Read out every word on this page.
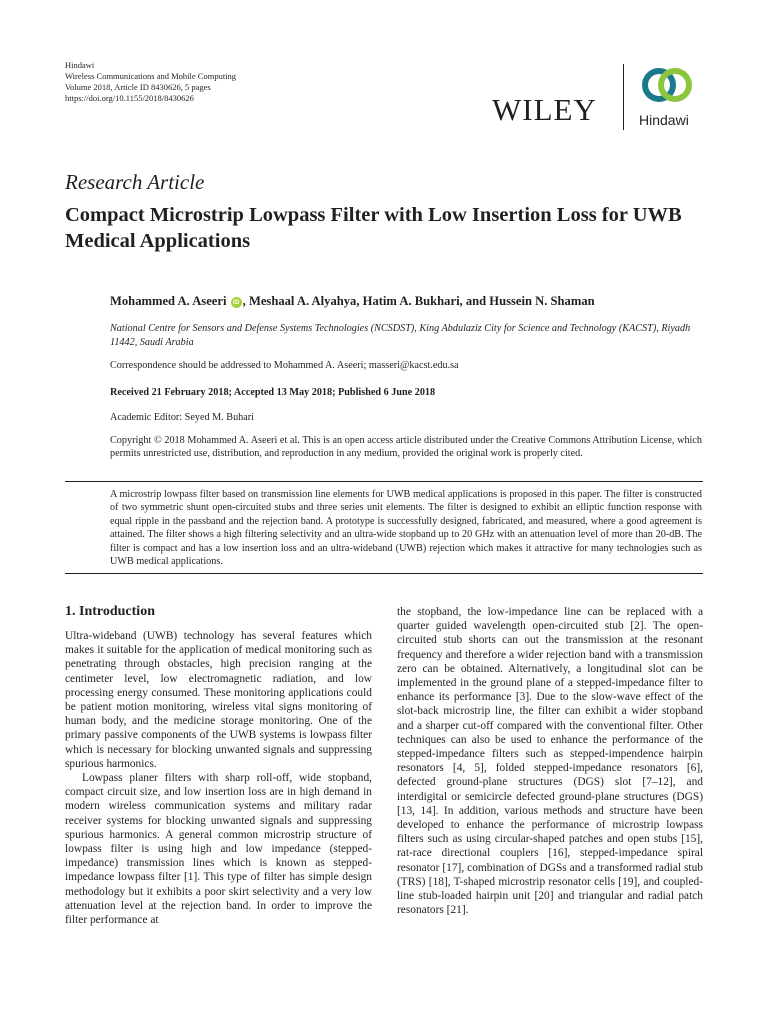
Hindawi
Wireless Communications and Mobile Computing
Volume 2018, Article ID 8430626, 5 pages
https://doi.org/10.1155/2018/8430626	WILEY	Hindawi
Research Article
Compact Microstrip Lowpass Filter with Low Insertion Loss for UWB Medical Applications
Mohammed A. Aseeri iD , Meshaal A. Alyahya, Hatim A. Bukhari, and Hussein N. Shaman
National Centre for Sensors and Defense Systems Technologies (NCSDST), King Abdulaziz City for Science and Technology (KACST), Riyadh 11442, Saudi Arabia
Correspondence should be addressed to Mohammed A. Aseeri; masseri@kacst.edu.sa
Received 21 February 2018; Accepted 13 May 2018; Published 6 June 2018
Academic Editor: Seyed M. Buhari
Copyright © 2018 Mohammed A. Aseeri et al. This is an open access article distributed under the Creative Commons Attribution License, which permits unrestricted use, distribution, and reproduction in any medium, provided the original work is properly cited.
A microstrip lowpass filter based on transmission line elements for UWB medical applications is proposed in this paper. The filter is constructed of two symmetric shunt open-circuited stubs and three series unit elements. The filter is designed to exhibit an elliptic function response with equal ripple in the passband and the rejection band. A prototype is successfully designed, fabricated, and measured, where a good agreement is attained. The filter shows a high filtering selectivity and an ultra-wide stopband up to 20 GHz with an attenuation level of more than 20-dB. The filter is compact and has a low insertion loss and an ultra-wideband (UWB) rejection which makes it attractive for many technologies such as UWB medical applications.
1. Introduction

Ultra-wideband (UWB) technology has several features which makes it suitable for the application of medical monitoring such as penetrating through obstacles, high precision ranging at the centimeter level, low electromagnetic radiation, and low processing energy consumed. These monitoring applications could be patient motion monitoring, wireless vital signs monitoring of human body, and the medicine storage monitoring. One of the primary passive components of the UWB systems is lowpass filter which is necessary for blocking unwanted signals and suppressing spurious harmonics.

Lowpass planer filters with sharp roll-off, wide stopband, compact circuit size, and low insertion loss are in high demand in modern wireless communication systems and military radar receiver systems for blocking unwanted signals and suppressing spurious harmonics. A general common microstrip structure of lowpass filter is using high and low impedance (stepped-impedance) transmission lines which is known as stepped-impedance lowpass filter [1]. This type of filter has simple design methodology but it exhibits a poor skirt selectivity and a very low attenuation level at the rejection band. In order to improve the filter performance at

the stopband, the low-impedance line can be replaced with a quarter guided wavelength open-circuited stub [2]. The open-circuited stub shorts can out the transmission at the resonant frequency and therefore a wider rejection band with a transmission zero can be obtained. Alternatively, a longitudinal slot can be implemented in the ground plane of a stepped-impedance filter to enhance its performance [3]. Due to the slow-wave effect of the slot-back microstrip line, the filter can exhibit a wider stopband and a sharper cut-off compared with the conventional filter. Other techniques can also be used to enhance the performance of the stepped-impedance filters such as stepped-impendence hairpin resonators [4, 5], folded stepped-impedance resonators [6], defected ground-plane structures (DGS) slot [7–12], and interdigital or semicircle defected ground-plane structures (DGS) [13, 14]. In addition, various methods and structure have been developed to enhance the performance of microstrip lowpass filters such as using circular-shaped patches and open stubs [15], rat-race directional couplers [16], stepped-impedance spiral resonator [17], combination of DGSs and a transformed radial stub (TRS) [18], T-shaped microstrip resonator cells [19], and coupled-line stub-loaded hairpin unit [20] and triangular and radial patch resonators [21].
